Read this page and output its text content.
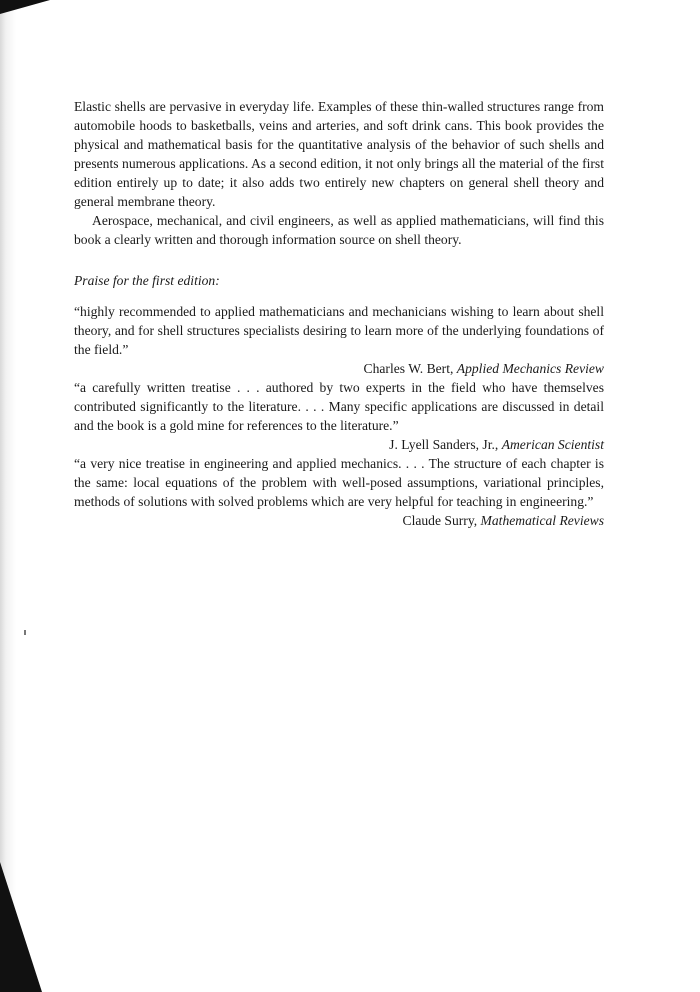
Elastic shells are pervasive in everyday life. Examples of these thin-walled structures range from automobile hoods to basketballs, veins and arteries, and soft drink cans. This book provides the physical and mathematical basis for the quantitative analysis of the behavior of such shells and presents numerous applications. As a second edition, it not only brings all the material of the first edition entirely up to date; it also adds two entirely new chapters on general shell theory and general membrane theory.

Aerospace, mechanical, and civil engineers, as well as applied mathematicians, will find this book a clearly written and thorough information source on shell theory.

Praise for the first edition:

“highly recommended to applied mathematicians and mechanicians wishing to learn about shell theory, and for shell structures specialists desiring to learn more of the underlying foundations of the field.”

Charles W. Bert, Applied Mechanics Review

“a carefully written treatise . . . authored by two experts in the field who have themselves contributed significantly to the literature. . . . Many specific applications are discussed in detail and the book is a gold mine for references to the literature.”

J. Lyell Sanders, Jr., American Scientist

“a very nice treatise in engineering and applied mechanics. . . . The structure of each chapter is the same: local equations of the problem with well-posed assumptions, variational principles, methods of solutions with solved problems which are very helpful for teaching in engineering.”

Claude Surry, Mathematical Reviews
